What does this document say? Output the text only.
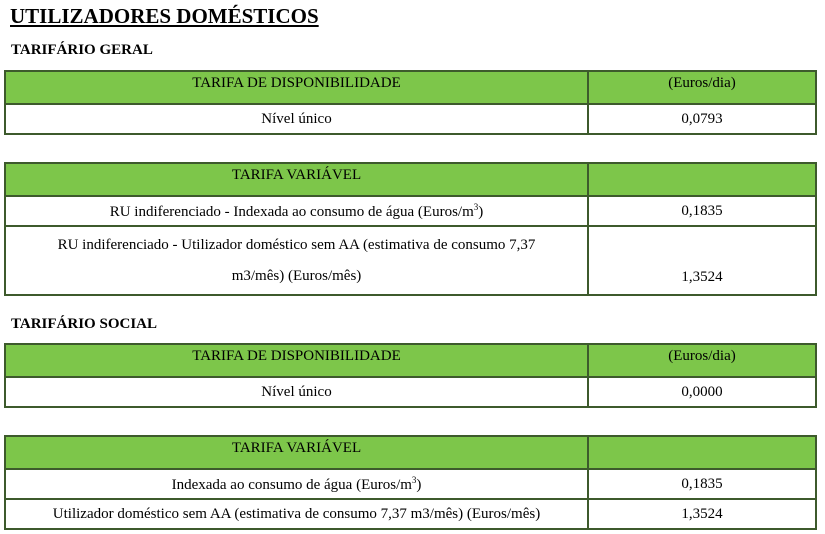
UTILIZADORES DOMÉSTICOS
TARIFÁRIO GERAL
TARIFA DE DISPONIBILIDADE	(Euros/dia)
Nível único	0,0793
TARIFA VARIÁVEL	
RU indiferenciado - Indexada ao consumo de água $(Euros/m^3)$	0,1835

RU indiferenciado - Utilizador doméstico sem AA (estimativa de consumo 7,37
m3/mês) (Euros/mês)	1,3524
TARIFÁRIO SOCIAL
TARIFA DE DISPONIBILIDADE	(Euros/dia)
Nível único	0,0000
TARIFA VARIÁVEL	
Indexada ao consumo de água $(Euros/m^3)$	0,1835
Utilizador doméstico sem AA (estimativa de consumo 7,37 m3/mês) (Euros/mês)	1,3524
